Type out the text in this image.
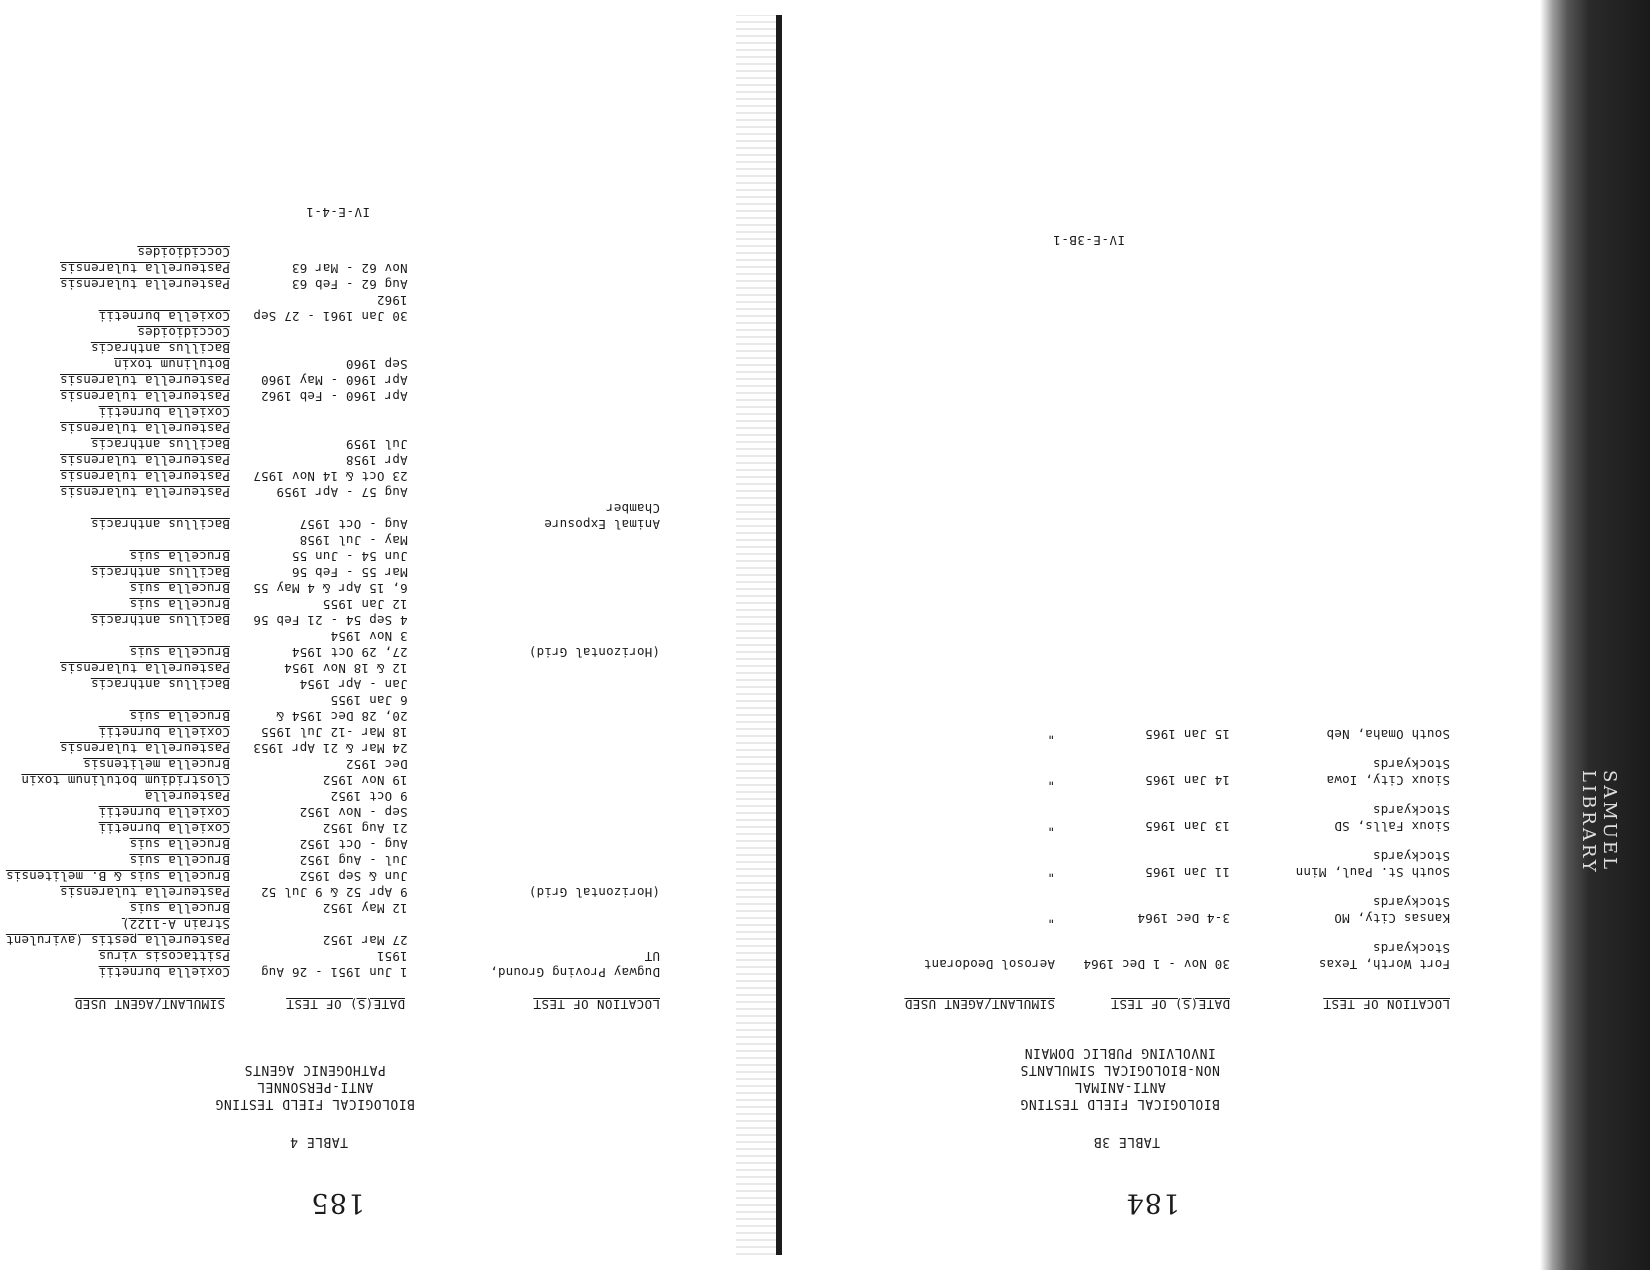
SAMUEL LIBRARY
184
TABLE 3B
BIOLOGICAL FIELD TESTING
ANTI-ANIMAL
NON-BIOLOGICAL SIMULANTS
INVOLVING PUBLIC DOMAIN
LOCATION OF TEST
DATE(S) OF TEST
SIMULANT/AGENT USED
Fort Worth, Texas
Stockyards	30 Nov - 1 Dec 1964	Aerosol Deodorant

Kansas City, MO
Stockyards	3-4 Dec 1964	"

South St. Paul, Minn
Stockyards	11 Jan 1965	"

Sioux Falls, SD
Stockyards	13 Jan 1965	"

Sioux City, Iowa
Stockyards	14 Jan 1965	"

South Omaha, Neb	15 Jan 1965	"
IV-E-3B-1
185
TABLE 4
BIOLOGICAL FIELD TESTING
ANTI-PERSONNEL
PATHOGENIC AGENTS
LOCATION OF TEST
DATE(S) OF TEST
SIMULANT/AGENT USED
Dugway Proving Ground,	1 Jun 1951 - 26 Aug	Coxiella burnetii
UT	1951	Psittacosis virus
	27 Mar 1952	Pasteurella pestis (avirulent
		Strain A-1122)
	12 May 1952	Brucella suis
(Horizontal Grid)	9 Apr 52 & 9 Jul 52	Pasteurella tularensis
	Jun & Sep 1952	Brucella suis & B. melitensis
	Jul - Aug 1952	Brucella suis
	Aug - Oct 1952	Brucella suis
	21 Aug 1952	Coxiella burnetii
	Sep - Nov 1952	Coxiella burnetii
	9 Oct 1952	Pasteurella
	19 Nov 1952	Clostridium botulinum toxin
	Dec 1952	Brucella melitensis
	24 Mar & 21 Apr 1953	Pasteurella tularensis
	18 Mar -12 Jul 1955	Coxiella burnetii
	20, 28 Dec 1954 &	Brucella suis
	6 Jan 1955	
	Jan - Apr 1954	Bacillus anthracis
	12 & 18 Nov 1954	Pasteurella tularensis
(Horizontal Grid)	27, 29 Oct 1954	Brucella suis
	3 Nov 1954	
	4 Sep 54 - 21 Feb 56	Bacillus anthracis
	12 Jan 1955	Brucella suis
	6, 15 Apr & 4 May 55	Brucella suis
	Mar 55 - Feb 56	Bacillus anthracis
	Jun 54 - Jun 55	Brucella suis
	May - Jul 1958	
Animal Exposure	Aug - Oct 1957	Bacillus anthracis
Chamber		
	Aug 57 - Apr 1959	Pasteurella tularensis
	23 Oct & 14 Nov 1957	Pasteurella tularensis
	Apr 1958	Pasteurella tularensis
	Jul 1959	Bacillus anthracis
		Pasteurella tularensis
		Coxiella burnetii
	Apr 1960 - Feb 1962	Pasteurella tularensis
	Apr 1960 - May 1960	Pasteurella tularensis
	Sep 1960	Botulinum toxin
		Bacillus anthracis
		Coccidioides
	30 Jan 1961 - 27 Sep	Coxiella burnetii
	1962	
	Aug 62 - Feb 63	Pasteurella tularensis
	Nov 62 - Mar 63	Pasteurella tularensis
		Coccidioides
IV-E-4-1
